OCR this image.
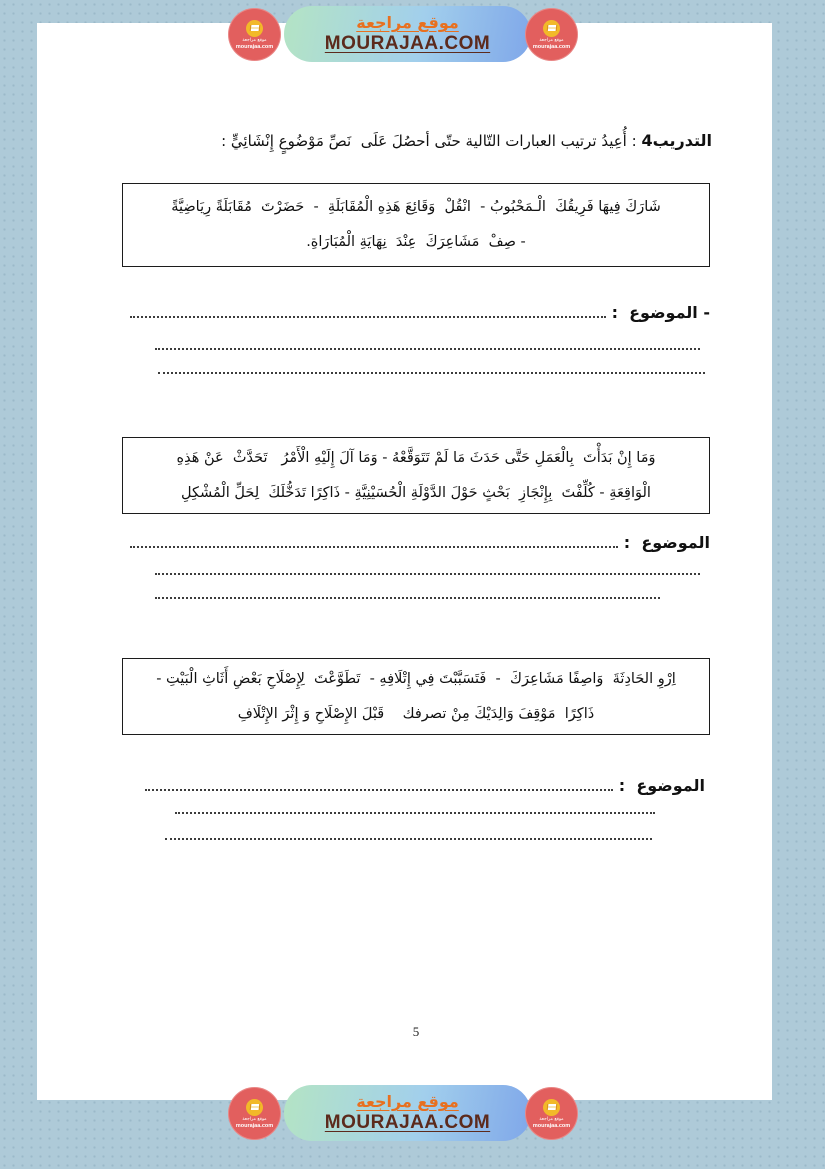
موقع مراجعة
mourajaa.com
موقع مراجعة
MOURAJAA.COM	موقع مراجعة
mourajaa.com
التدريب4 : أُعِيدُ ترتيب العبارات التّالية حتّى أحصُلَ عَلَى  نَصِّ مَوْضُوعٍ إِنْشَائِيٍّ :
شَارَكَ فِيهَا فَرِيقُكَ  الْـمَحْبُوبُ -  انْقُلْ  وَقَائِعَ هَذِهِ الْمُقَابَلَةِ  -  حَضَرْتَ  مُقَابَلَةً رِيَاضِيَّةً
- صِفْ  مَشَاعِرَكَ  عِنْدَ  نِهَايَةِ الْمُبَارَاةِ.
- الموضوع  :
وَمَا إِنْ بَدَأْتَ  بِالْعَمَلِ حَتَّى حَدَثَ مَا لَمْ تَتَوَقَّعْهُ - وَمَا آلَ إِلَيْهِ الْأَمْرُ   تَحَدَّثْ  عَنْ هَذِهِ
الْوَاقِعَةِ - كُلِّفْتَ  بِإِنْجَازِ  بَحْثٍ حَوْلَ الدَّوْلَةِ الْحُسَيْنِيَّةِ - ذَاكِرًا تَدَخُّلَكَ  لِحَلِّ الْمُشْكِلِ
الموضوع  :
اِرْوِ الحَادِثَةَ  وَاصِفًا مَشَاعِرَكَ  -  فَتَسَبَّبْتَ فِي إِتْلَافِهِ -  تَطَوَّعْتَ  لِإِصْلَاحِ بَعْضِ أَثَاثِ الْبَيْتِ -
ذَاكِرًا  مَوْقِفَ وَالِدَيْكَ مِنْ تصرفك    قَبْلَ الإِصْلَاحِ وَ إِثْرَ الإِتْلَافِ
الموضوع  :
5
موقع مراجعة
mourajaa.com
موقع مراجعة
MOURAJAA.COM	موقع مراجعة
mourajaa.com
